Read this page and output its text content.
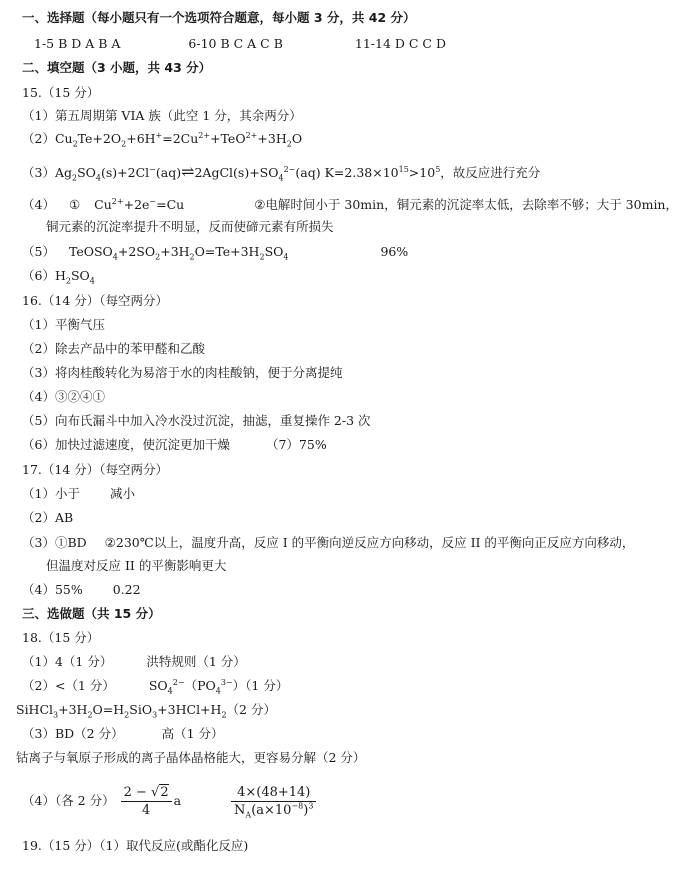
一、选择题（每小题只有一个选项符合题意，每小题 3 分，共 42 分）
1-5 B D A B A	6-10 B C A C B	11-14 D C C D
二、填空题（3 小题，共 43 分）
15.（15 分）
（1）第五周期第 VIA 族（此空 1 分，其余两分）
$(2)Cu_2Te+2O_2+6H^+=2Cu^{2+}+TeO^{2+}+3H_2O$
$(3)Ag_2SO_4(s)+2Cl^-(aq)\rightleftharpoons 2AgCl(s)+SO_4^{2-}(aq)$ $K=2.38\times 10^{15}>10^5$，故反应进行充分
（4） ① $Cu^{2+}+2e^-=Cu$	②电解时间小于 30min，铜元素的沉淀率太低，去除率不够；大于 30min，
铜元素的沉淀率提升不明显，反而使碲元素有所损失
（5） $TeOSO_4+2SO_2+3H_2O=Te+3H_2SO_4$	96%
$(6)H_2SO_4$
16.（14 分）（每空两分）
（1）平衡气压
（2）除去产品中的苯甲醛和乙酸
（3）将肉桂酸转化为易溶于水的肉桂酸钠，便于分离提纯
（4）③②④①
（5）向布氏漏斗中加入冷水没过沉淀，抽滤，重复操作 2-3 次
（6）加快过滤速度，使沉淀更加干燥	（7）75%
17.（14 分）（每空两分）
（1）小于 减小
（2）AB
（3）①BD ②230℃以上，温度升高，反应 I 的平衡向逆反应方向移动，反应 II 的平衡向正反应方向移动，
但温度对反应 II 的平衡影响更大
（4）55% 0.22
三、选做题（共 15 分）
18.（15 分）
（1）4（1 分）	洪特规则（1 分）
（2）<（1 分）	$SO_4^{2-}(PO_4^{3-})(1$ 分）
$SiHCl_3+3H_2O=H_2SiO_3+3HCl+H_2(2$ 分）
（3）BD（2 分）	高（1 分）
钴离子与氧原子形成的离子晶体晶格能大，更容易分解（2 分）
（4）（各 2 分） $\frac{2 - √2}{4}$ a	$\frac{4\times(48+14)}{N_A(a\times 10^{-8})^3}$
19.（15 分）（1）取代反应(或酯化反应)
